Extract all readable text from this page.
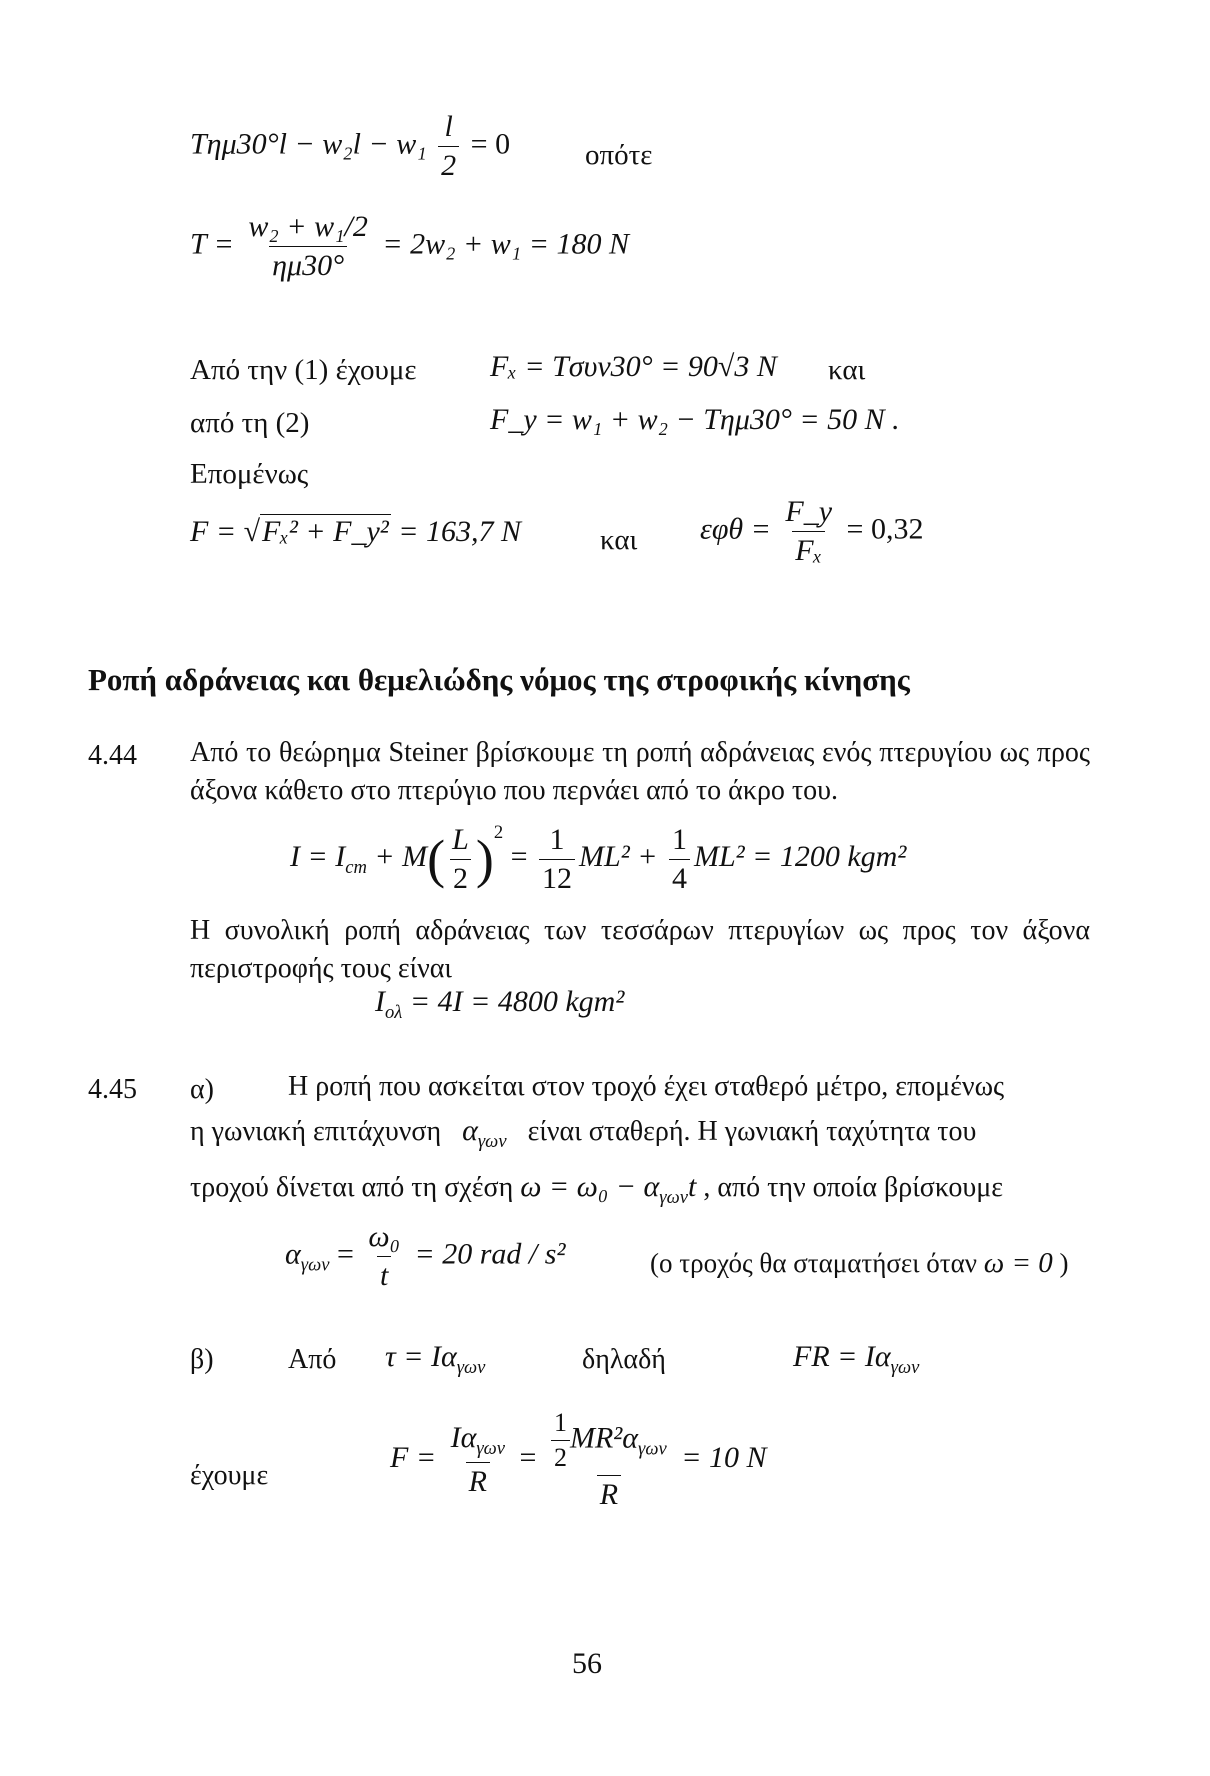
$T\eta\mu 30^\circ l - w_2l - w_1 \frac{l}{2} = 0$	οπότε
$T = \frac{\text{w₂ + w₁/2}}{\eta\mu 30^\circ} = 2w_2 + w_1 = 180$ N
Από την (1) έχουμε Fₓ = Tσυν30° = 90√3 N και
από τη (2)	F_y = w₁ + w₂ − Tημ30° = 50 N .
Επομένως
F = √Fₓ² + F_y² = 163,7 N	και $\varepsilon\varphi\theta = \frac{F\_y}{\text{Fₓ}} = 0,32$
Ροπή αδράνειας και θεμελιώδης νόμος της στροφικής κίνησης
4.44 Από το θεώρημα Steiner βρίσκουμε τη ροπή αδράνειας ενός πτερυγίου ως προς άξονα κάθετο στο πτερύγιο που περνάει από το άκρο του.
$I = I_{cm} + M( \frac{L}{2} )^2 = \frac{1}{12} ML^2 + \frac{1}{4} ML^2 = 1200$ kgm²
Η συνολική ροπή αδράνειας των τεσσάρων πτερυγίων ως προς τον άξονα περιστροφής τους είναι
$I_{o\lambda} = 4I = 4800$ kgm²
4.45 α)	Η ροπή που ασκείται στον τροχό έχει σταθερό μέτρο, επομένως
η γωνιακή επιτάχυνση $\alpha_{\gamma\omega\nu}$ είναι σταθερή. Η γωνιακή ταχύτητα του
τροχού δίνεται από τη σχέση $\omega = \omega_0 - \alpha_{\gamma\omega\nu}t$ , από την οποία βρίσκουμε
$\alpha_{\gamma\omega\nu} = \frac{\text{ω₀}}{t} = 20$ rad / s²	(ο τροχός θα σταματήσει όταν ω = 0 )
β)	Από $\tau = I\alpha_{\gamma\omega\nu}$	δηλαδή	FR = $I\alpha_{\gamma\omega\nu}$
έχουμε
$F = \frac{I\alpha_{\gamma\omega\nu}}{R} = \frac{\frac{1}{2} MR^2\alpha_{\gamma\omega\nu}}{R} = 10$ N
56
